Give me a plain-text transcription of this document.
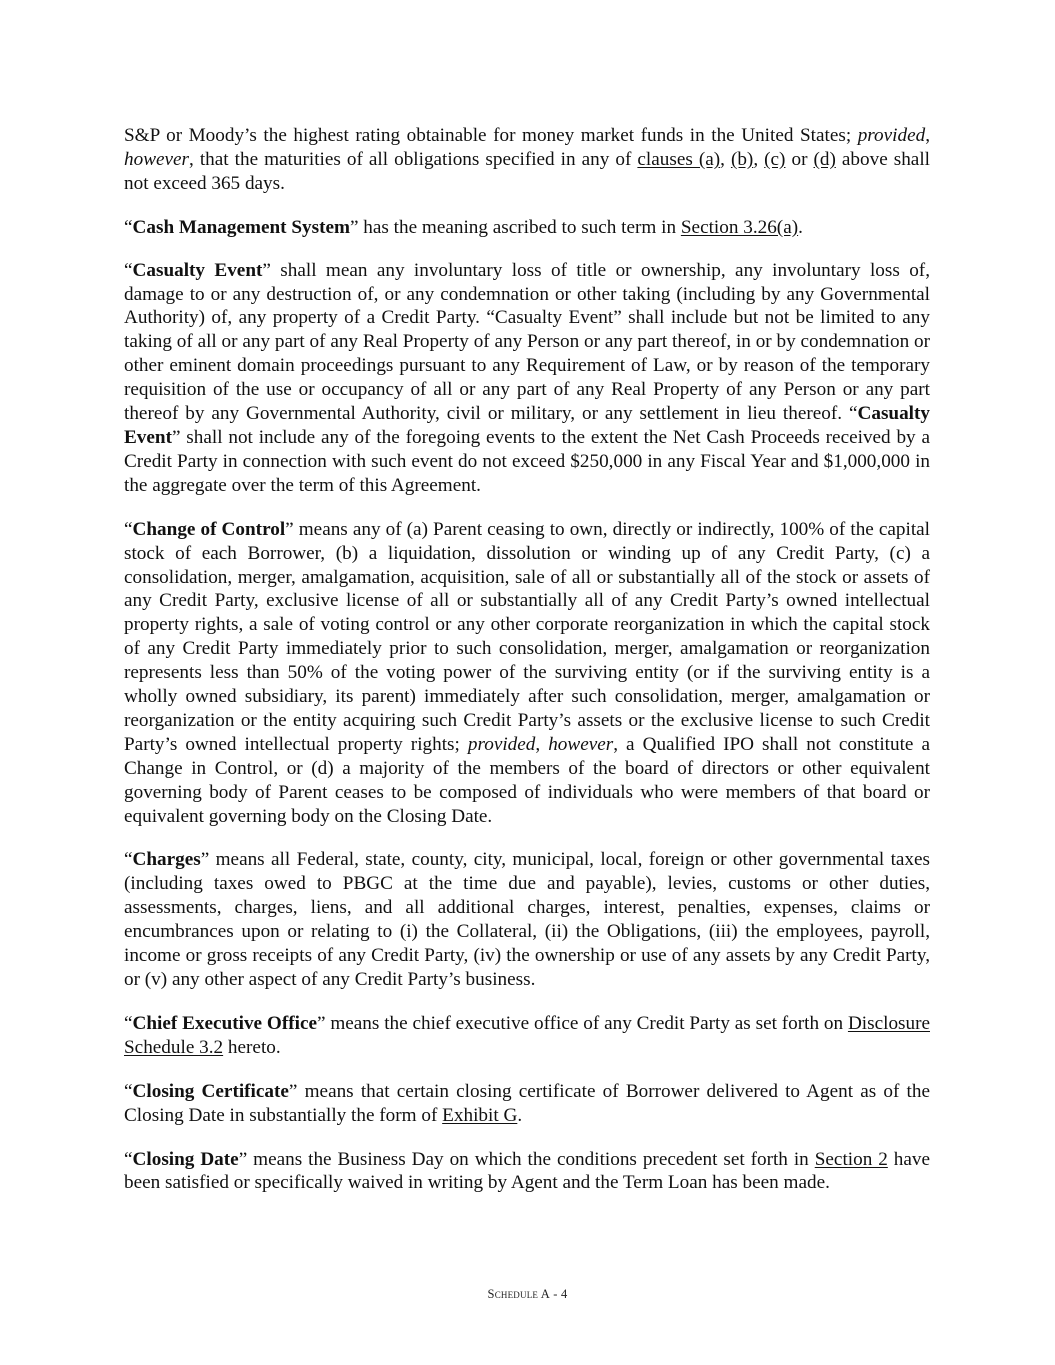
S&P or Moody’s the highest rating obtainable for money market funds in the United States; provided, however, that the maturities of all obligations specified in any of clauses (a), (b), (c) or (d) above shall not exceed 365 days.

“Cash Management System” has the meaning ascribed to such term in Section 3.26(a).

“Casualty Event” shall mean any involuntary loss of title or ownership, any involuntary loss of, damage to or any destruction of, or any condemnation or other taking (including by any Governmental Authority) of, any property of a Credit Party. “Casualty Event” shall include but not be limited to any taking of all or any part of any Real Property of any Person or any part thereof, in or by condemnation or other eminent domain proceedings pursuant to any Requirement of Law, or by reason of the temporary requisition of the use or occupancy of all or any part of any Real Property of any Person or any part thereof by any Governmental Authority, civil or military, or any settlement in lieu thereof. “Casualty Event” shall not include any of the foregoing events to the extent the Net Cash Proceeds received by a Credit Party in connection with such event do not exceed $250,000 in any Fiscal Year and $1,000,000 in the aggregate over the term of this Agreement.

“Change of Control” means any of (a) Parent ceasing to own, directly or indirectly, 100% of the capital stock of each Borrower, (b) a liquidation, dissolution or winding up of any Credit Party, (c) a consolidation, merger, amalgamation, acquisition, sale of all or substantially all of the stock or assets of any Credit Party, exclusive license of all or substantially all of any Credit Party’s owned intellectual property rights, a sale of voting control or any other corporate reorganization in which the capital stock of any Credit Party immediately prior to such consolidation, merger, amalgamation or reorganization represents less than 50% of the voting power of the surviving entity (or if the surviving entity is a wholly owned subsidiary, its parent) immediately after such consolidation, merger, amalgamation or reorganization or the entity acquiring such Credit Party’s assets or the exclusive license to such Credit Party’s owned intellectual property rights; provided, however, a Qualified IPO shall not constitute a Change in Control, or (d) a majority of the members of the board of directors or other equivalent governing body of Parent ceases to be composed of individuals who were members of that board or equivalent governing body on the Closing Date.

“Charges” means all Federal, state, county, city, municipal, local, foreign or other governmental taxes (including taxes owed to PBGC at the time due and payable), levies, customs or other duties, assessments, charges, liens, and all additional charges, interest, penalties, expenses, claims or encumbrances upon or relating to (i) the Collateral, (ii) the Obligations, (iii) the employees, payroll, income or gross receipts of any Credit Party, (iv) the ownership or use of any assets by any Credit Party, or (v) any other aspect of any Credit Party’s business.

“Chief Executive Office” means the chief executive office of any Credit Party as set forth on Disclosure Schedule 3.2 hereto.

“Closing Certificate” means that certain closing certificate of Borrower delivered to Agent as of the Closing Date in substantially the form of Exhibit G.

“Closing Date” means the Business Day on which the conditions precedent set forth in Section 2 have been satisfied or specifically waived in writing by Agent and the Term Loan has been made.

Schedule A - 4
